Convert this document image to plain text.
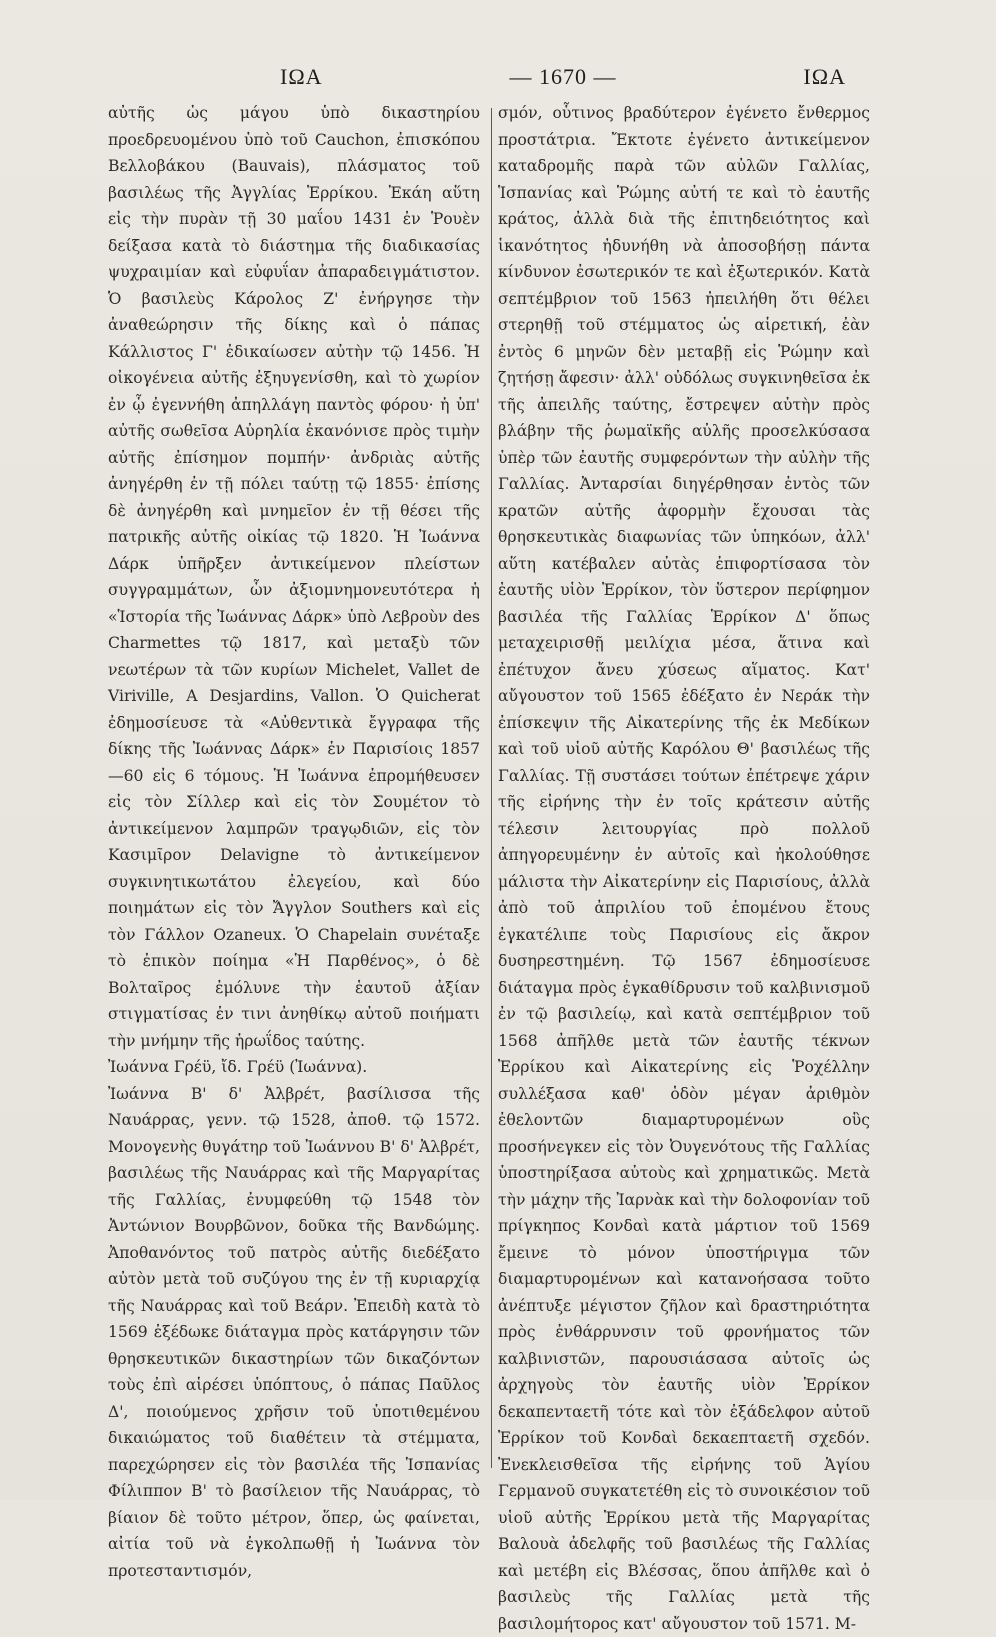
ΙΩΑ	— 1670 —	ΙΩΑ

αὐτῆς ὡς μάγου ὑπὸ δικαστηρίου προεδρευομένου ὑπὸ τοῦ Cauchon, ἐπισκόπου Βελλοβάκου (Bauvais), πλάσματος τοῦ βασιλέως τῆς Ἀγγλίας Ἑρρίκου. Ἐκάη αὕτη εἰς τὴν πυρὰν τῇ 30 μαΐου 1431 ἐν Ῥουὲν δείξασα κατὰ τὸ διάστημα τῆς διαδικασίας ψυχραιμίαν καὶ εὐφυΐαν ἀπαραδειγμάτιστον. Ὁ βασιλεὺς Κάρολος Ζ' ἐνήργησε τὴν ἀναθεώρησιν τῆς δίκης καὶ ὁ πάπας Κάλλιστος Γ' ἐδικαίωσεν αὐτὴν τῷ 1456. Ἡ οἰκογένεια αὐτῆς ἐξηυγενίσθη, καὶ τὸ χωρίον ἐν ᾧ ἐγεννήθη ἀπηλλάγη παντὸς φόρου· ἡ ὑπ' αὐτῆς σωθεῖσα Αὐρηλία ἐκανόνισε πρὸς τιμὴν αὐτῆς ἐπίσημον πομπήν· ἀνδριὰς αὐτῆς ἀνηγέρθη ἐν τῇ πόλει ταύτῃ τῷ 1855· ἐπίσης δὲ ἀνηγέρθη καὶ μνημεῖον ἐν τῇ θέσει τῆς πατρικῆς αὐτῆς οἰκίας τῷ 1820. Ἡ Ἰωάννα Δάρκ ὑπῆρξεν ἀντικείμενον πλείστων συγγραμμάτων, ὧν ἀξιομνημονευτότερα ἡ «Ἱστορία τῆς Ἰωάννας Δάρκ» ὑπὸ Λεβροὺν des Charmettes τῷ 1817, καὶ μεταξὺ τῶν νεωτέρων τὰ τῶν κυρίων Michelet, Vallet de Viriville, A Desjardins, Vallon. Ὁ Quicherat ἐδημοσίευσε τὰ «Αὐθεντικὰ ἔγγραφα τῆς δίκης τῆς Ἰωάννας Δάρκ» ἐν Παρισίοις 1857—60 εἰς 6 τόμους. Ἡ Ἰωάννα ἐπρομήθευσεν εἰς τὸν Σίλλερ καὶ εἰς τὸν Σουμέτον τὸ ἀντικείμενον λαμπρῶν τραγῳδιῶν, εἰς τὸν Κασιμῖρον Delavigne τὸ ἀντικείμενον συγκινητικωτάτου ἐλεγείου, καὶ δύο ποιημάτων εἰς τὸν Ἄγγλον Southers καὶ εἰς τὸν Γάλλον Ozaneux. Ὁ Chapelain συνέταξε τὸ ἐπικὸν ποίημα «Ἡ Παρθένος», ὁ δὲ Βολταῖρος ἐμόλυνε τὴν ἑαυτοῦ ἀξίαν στιγματίσας ἐν τινι ἀνηθίκῳ αὐτοῦ ποιήματι τὴν μνήμην τῆς ἡρωΐδος ταύτης.

Ἰωάννα Γρέϋ, ἴδ. Γρέϋ (Ἰωάννα).

Ἰωάννα Β' δ' Ἀλβρέτ, βασίλισσα τῆς Ναυάρρας, γενν. τῷ 1528, ἀποθ. τῷ 1572. Μονογενὴς θυγάτηρ τοῦ Ἰωάννου Β' δ' Ἀλβρέτ, βασιλέως τῆς Ναυάρρας καὶ τῆς Μαργαρίτας τῆς Γαλλίας, ἐνυμφεύθη τῷ 1548 τὸν Ἀντώνιον Βουρβῶνον, δοῦκα τῆς Βανδώμης. Ἀποθανόντος τοῦ πατρὸς αὐτῆς διεδέξατο αὐτὸν μετὰ τοῦ συζύγου της ἐν τῇ κυριαρχίᾳ τῆς Ναυάρρας καὶ τοῦ Βεάρν. Ἐπειδὴ κατὰ τὸ 1569 ἐξέδωκε διάταγμα πρὸς κατάργησιν τῶν θρησκευτικῶν δικαστηρίων τῶν δικαζόντων τοὺς ἐπὶ αἱρέσει ὑπόπτους, ὁ πάπας Παῦλος Δ', ποιούμενος χρῆσιν τοῦ ὑποτιθεμένου δικαιώματος τοῦ διαθέτειν τὰ στέμματα, παρεχώρησεν εἰς τὸν βασιλέα τῆς Ἱσπανίας Φίλιππον Β' τὸ βασίλειον τῆς Ναυάρρας, τὸ βίαιον δὲ τοῦτο μέτρον, ὅπερ, ὡς φαίνεται, αἰτία τοῦ νὰ ἐγκολπωθῇ ἡ Ἰωάννα τὸν προτεσταντισμόν,

σμόν, οὗτινος βραδύτερον ἐγένετο ἔνθερμος προστάτρια. Ἔκτοτε ἐγένετο ἀντικείμενον καταδρομῆς παρὰ τῶν αὐλῶν Γαλλίας, Ἱσπανίας καὶ Ῥώμης αὐτή τε καὶ τὸ ἑαυτῆς κράτος, ἀλλὰ διὰ τῆς ἐπιτηδειότητος καὶ ἱκανότητος ἠδυνήθη νὰ ἀποσοβήσῃ πάντα κίνδυνον ἐσωτερικόν τε καὶ ἐξωτερικόν. Κατὰ σεπτέμβριον τοῦ 1563 ἠπειλήθη ὅτι θέλει στερηθῇ τοῦ στέμματος ὡς αἱρετική, ἐὰν ἐντὸς 6 μηνῶν δὲν μεταβῇ εἰς Ῥώμην καὶ ζητήσῃ ἄφεσιν· ἀλλ' οὐδόλως συγκινηθεῖσα ἐκ τῆς ἀπειλῆς ταύτης, ἔστρεψεν αὐτὴν πρὸς βλάβην τῆς ῥωμαϊκῆς αὐλῆς προσελκύσασα ὑπὲρ τῶν ἑαυτῆς συμφερόντων τὴν αὐλὴν τῆς Γαλλίας. Ἀνταρσίαι διηγέρθησαν ἐντὸς τῶν κρατῶν αὐτῆς ἀφορμὴν ἔχουσαι τὰς θρησκευτικὰς διαφωνίας τῶν ὑπηκόων, ἀλλ' αὕτη κατέβαλεν αὐτὰς ἐπιφορτίσασα τὸν ἑαυτῆς υἱὸν Ἑρρίκον, τὸν ὕστερον περίφημον βασιλέα τῆς Γαλλίας Ἑρρίκον Δ' ὅπως μεταχειρισθῇ μειλίχια μέσα, ἅτινα καὶ ἐπέτυχον ἄνευ χύσεως αἵματος. Κατ' αὔγουστον τοῦ 1565 ἐδέξατο ἐν Νεράκ τὴν ἐπίσκεψιν τῆς Αἰκατερίνης τῆς ἐκ Μεδίκων καὶ τοῦ υἱοῦ αὐτῆς Καρόλου Θ' βασιλέως τῆς Γαλλίας. Τῇ συστάσει τούτων ἐπέτρεψε χάριν τῆς εἰρήνης τὴν ἐν τοῖς κράτεσιν αὐτῆς τέλεσιν λειτουργίας πρὸ πολλοῦ ἀπηγορευμένην ἐν αὐτοῖς καὶ ἠκολούθησε μάλιστα τὴν Αἰκατερίνην εἰς Παρισίους, ἀλλὰ ἀπὸ τοῦ ἀπριλίου τοῦ ἑπομένου ἔτους ἐγκατέλιπε τοὺς Παρισίους εἰς ἄκρον δυσηρεστημένη. Τῷ 1567 ἐδημοσίευσε διάταγμα πρὸς ἐγκαθίδρυσιν τοῦ καλβινισμοῦ ἐν τῷ βασιλείῳ, καὶ κατὰ σεπτέμβριον τοῦ 1568 ἀπῆλθε μετὰ τῶν ἑαυτῆς τέκνων Ἑρρίκου καὶ Αἰκατερίνης εἰς Ῥοχέλλην συλλέξασα καθ' ὁδὸν μέγαν ἀριθμὸν ἐθελοντῶν διαμαρτυρομένων οὓς προσήνεγκεν εἰς τὸν Ὀυγενότους τῆς Γαλλίας ὑποστηρίξασα αὐτοὺς καὶ χρηματικῶς. Μετὰ τὴν μάχην τῆς Ἰαρνὰκ καὶ τὴν δολοφονίαν τοῦ πρίγκηπος Κονδαὶ κατὰ μάρτιον τοῦ 1569 ἔμεινε τὸ μόνον ὑποστήριγμα τῶν διαμαρτυρομένων καὶ κατανοήσασα τοῦτο ἀνέπτυξε μέγιστον ζῆλον καὶ δραστηριότητα πρὸς ἐνθάρρυνσιν τοῦ φρονήματος τῶν καλβινιστῶν, παρουσιάσασα αὐτοῖς ὡς ἀρχηγοὺς τὸν ἑαυτῆς υἱὸν Ἑρρίκον δεκαπενταετῆ τότε καὶ τὸν ἐξάδελφον αὐτοῦ Ἑρρίκον τοῦ Κονδαὶ δεκαεπταετῆ σχεδόν. Ἐνεκλεισθεῖσα τῆς εἰρήνης τοῦ Ἁγίου Γερμανοῦ συγκατετέθη εἰς τὸ συνοικέσιον τοῦ υἱοῦ αὐτῆς Ἑρρίκου μετὰ τῆς Μαργαρίτας Βαλουὰ ἀδελφῆς τοῦ βασιλέως τῆς Γαλλίας καὶ μετέβη εἰς Βλέσσας, ὅπου ἀπῆλθε καὶ ὁ βασιλεὺς τῆς Γαλλίας μετὰ τῆς βασιλομήτορος κατ' αὔγουστον τοῦ 1571. Μ-
